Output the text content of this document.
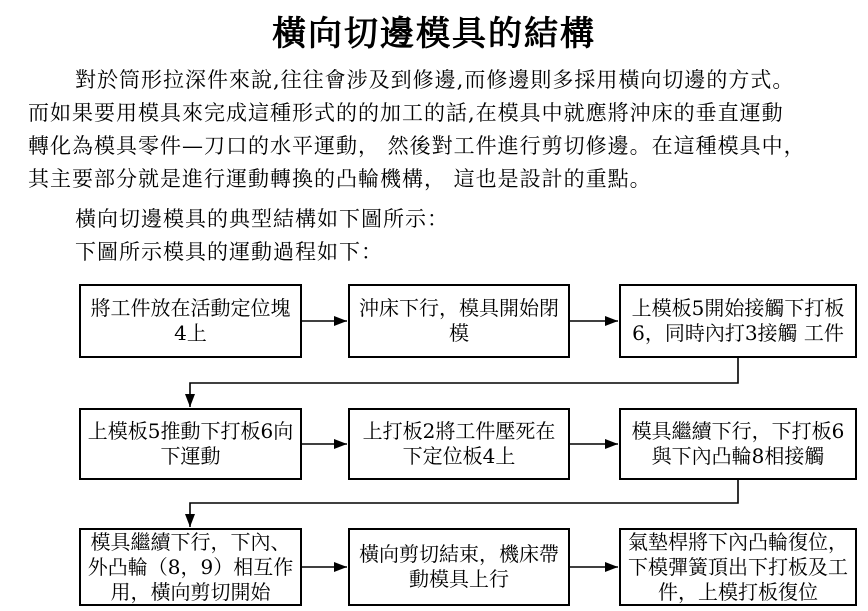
橫向切邊模具的結構
對於筒形拉深件來說,往往會涉及到修邊,而修邊則多採用橫向切邊的方式。
而如果要用模具來完成這種形式的的加工的話,在模具中就應將沖床的垂直運動
轉化為模具零件—刀口的水平運動， 然後對工件進行剪切修邊。在這種模具中，
其主要部分就是進行運動轉換的凸輪機構， 這也是設計的重點。
橫向切邊模具的典型結構如下圖所示：
下圖所示模具的運動過程如下：
將工件放在活動定位塊4上
沖床下行，模具開始閉模
上模板5開始接觸下打板6，同時內打3接觸 工件
上模板5推動下打板6向下運動
上打板2將工件壓死在下定位板4上
模具繼續下行，下打板6與下內凸輪8相接觸
模具繼續下行，下內、外凸輪（8，9）相互作用，橫向剪切開始
橫向剪切結束，機床帶動模具上行
氣墊桿將下內凸輪復位，下模彈簧頂出下打板及工件，上模打板復位
